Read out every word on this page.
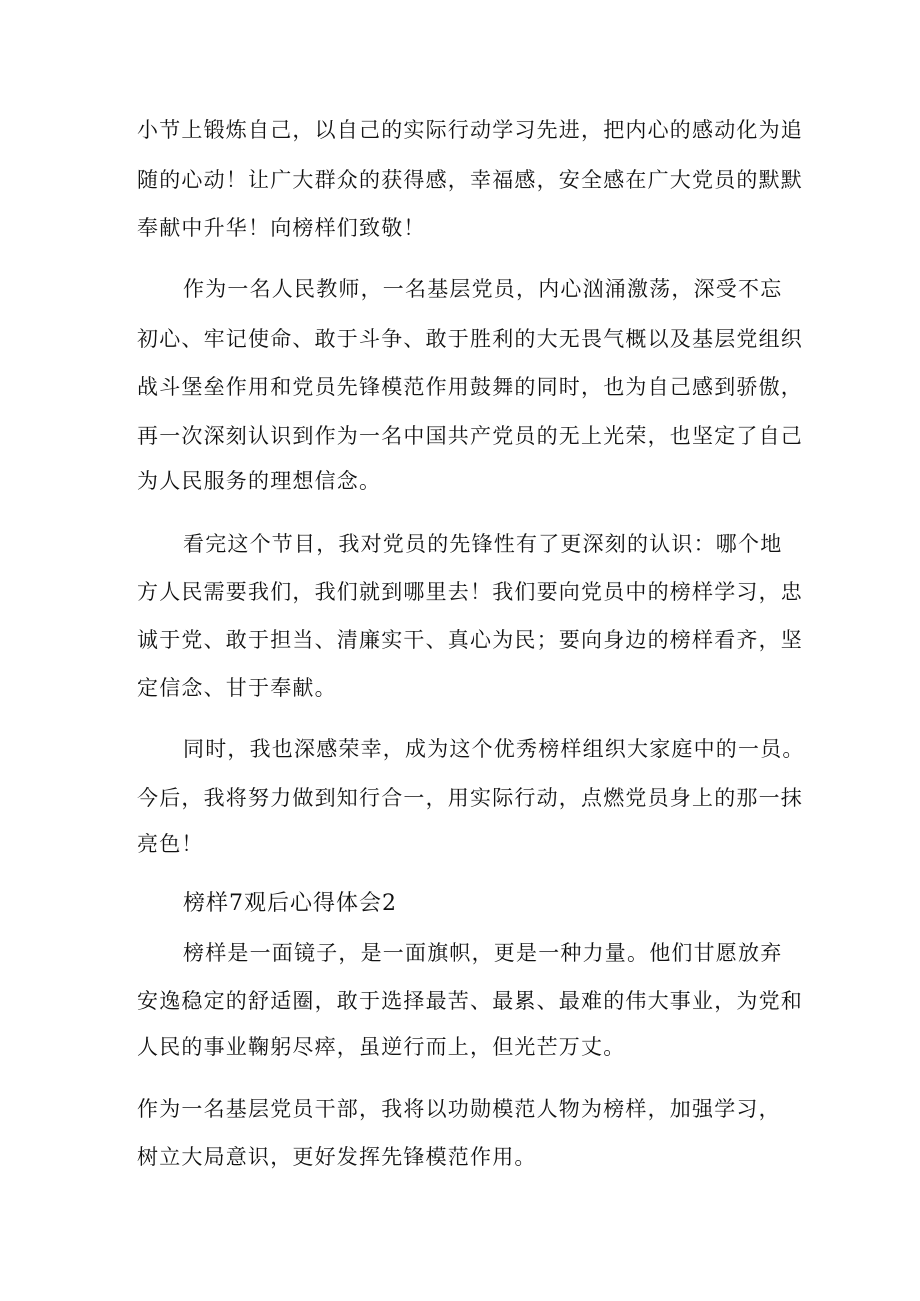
小节上锻炼自己，以自己的实际行动学习先进，把内心的感动化为追
随的心动！让广大群众的获得感，幸福感，安全感在广大党员的默默
奉献中升华！向榜样们致敬！
作为一名人民教师，一名基层党员，内心汹涌激荡，深受不忘
初心、牢记使命、敢于斗争、敢于胜利的大无畏气概以及基层党组织
战斗堡垒作用和党员先锋模范作用鼓舞的同时，也为自己感到骄傲，
再一次深刻认识到作为一名中国共产党员的无上光荣，也坚定了自己
为人民服务的理想信念。
看完这个节目，我对党员的先锋性有了更深刻的认识：哪个地
方人民需要我们，我们就到哪里去！我们要向党员中的榜样学习，忠
诚于党、敢于担当、清廉实干、真心为民；要向身边的榜样看齐，坚
定信念、甘于奉献。
同时，我也深感荣幸，成为这个优秀榜样组织大家庭中的一员。
今后，我将努力做到知行合一，用实际行动，点燃党员身上的那一抹
亮色！
榜样7观后心得体会2
榜样是一面镜子，是一面旗帜，更是一种力量。他们甘愿放弃
安逸稳定的舒适圈，敢于选择最苦、最累、最难的伟大事业，为党和
人民的事业鞠躬尽瘁，虽逆行而上，但光芒万丈。
作为一名基层党员干部，我将以功勋模范人物为榜样，加强学习，
树立大局意识，更好发挥先锋模范作用。
